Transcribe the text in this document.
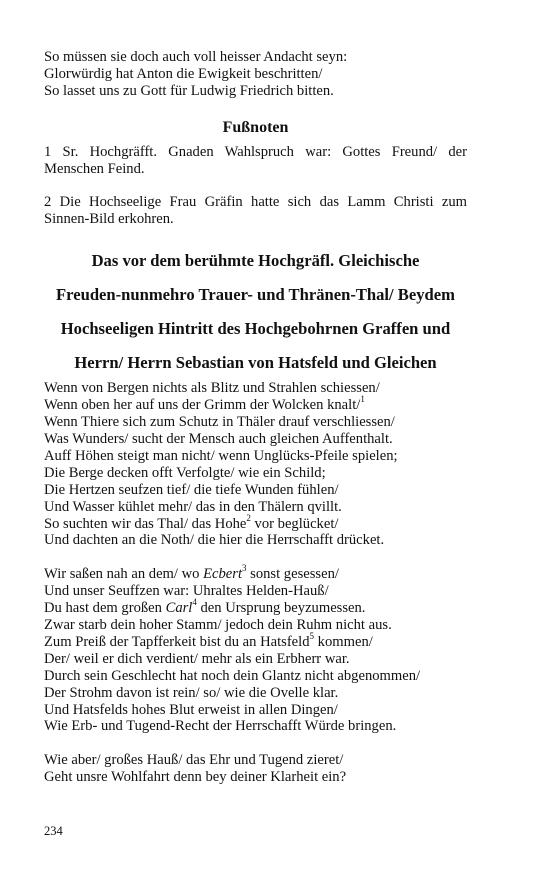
So müssen sie doch auch voll heisser Andacht seyn:
Glorwürdig hat Anton die Ewigkeit beschritten/
So lasset uns zu Gott für Ludwig Friedrich bitten.
Fußnoten

1 Sr. Hochgräfft. Gnaden Wahlspruch war: Gottes Freund/ der Menschen Feind.

2 Die Hochseelige Frau Gräfin hatte sich das Lamm Christi zum Sinnen-Bild erkohren.

Das vor dem berühmte Hochgräfl. Gleichische
Freuden-nunmehro Trauer- und Thränen-Thal/ Beydem
Hochseeligen Hintritt des Hochgebohrnen Graffen und
Herrn/ Herrn Sebastian von Hatsfeld und Gleichen
Wenn von Bergen nichts als Blitz und Strahlen schiessen/
Wenn oben her auf uns der Grimm der Wolcken knalt/$^1$
Wenn Thiere sich zum Schutz in Thäler drauf verschliessen/
Was Wunders/ sucht der Mensch auch gleichen Auffenthalt.
Auff Höhen steigt man nicht/ wenn Unglücks-Pfeile spielen;
Die Berge decken offt Verfolgte/ wie ein Schild;
Die Hertzen seufzen tief/ die tiefe Wunden fühlen/
Und Wasser kühlet mehr/ das in den Thälern qvillt.
So suchten wir das Thal/ das Hohe$^2$ vor beglücket/
Und dachten an die Noth/ die hier die Herrschafft drücket.
Wir saßen nah an dem/ wo Ecbert$^3$ sonst gesessen/
Und unser Seuffzen war: Uhraltes Helden-Hauß/
Du hast dem großen Carl$^4$ den Ursprung beyzumessen.
Zwar starb dein hoher Stamm/ jedoch dein Ruhm nicht aus.
Zum Preiß der Tapfferkeit bist du an Hatsfeld$^5$ kommen/
Der/ weil er dich verdient/ mehr als ein Erbherr war.
Durch sein Geschlecht hat noch dein Glantz nicht abgenommen/
Der Strohm davon ist rein/ so/ wie die Ovelle klar.
Und Hatsfelds hohes Blut erweist in allen Dingen/
Wie Erb- und Tugend-Recht der Herrschafft Würde bringen.
Wie aber/ großes Hauß/ das Ehr und Tugend zieret/
Geht unsre Wohlfahrt denn bey deiner Klarheit ein?
234
